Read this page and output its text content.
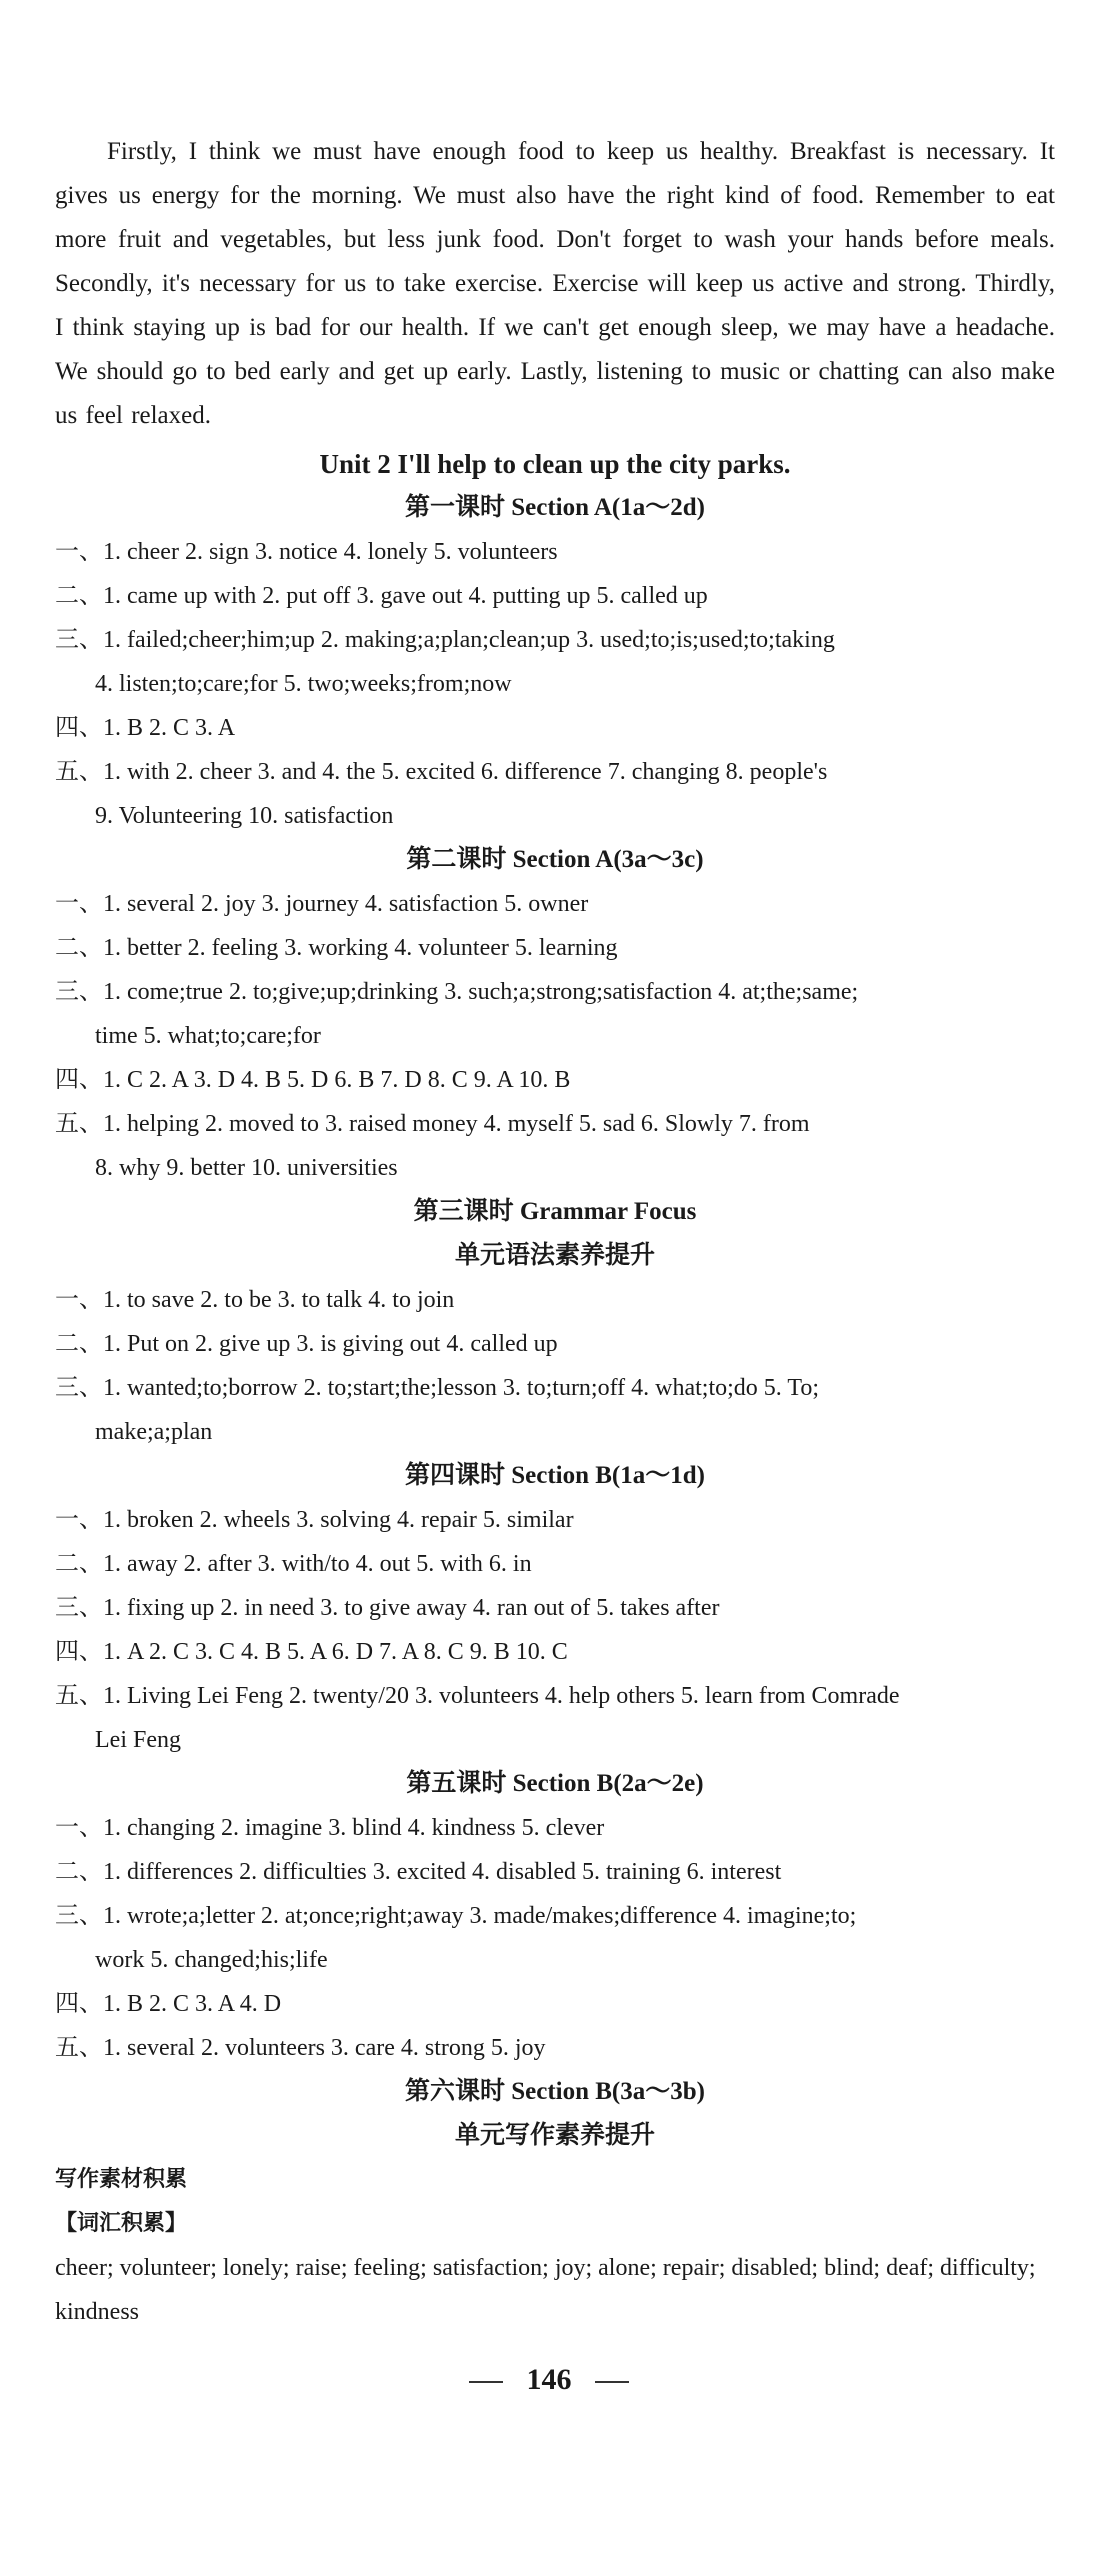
Firstly, I think we must have enough food to keep us healthy. Breakfast is necessary. It gives us energy for the morning. We must also have the right kind of food. Remember to eat more fruit and vegetables, but less junk food. Don't forget to wash your hands before meals. Secondly, it's necessary for us to take exercise. Exercise will keep us active and strong. Thirdly, I think staying up is bad for our health. If we can't get enough sleep, we may have a headache. We should go to bed early and get up early. Lastly, listening to music or chatting can also make us feel relaxed.

Unit 2 I'll help to clean up the city parks.

第一课时 Section A(1a～2d)

一、1. cheer 2. sign 3. notice 4. lonely 5. volunteers

二、1. came up with 2. put off 3. gave out 4. putting up 5. called up

三、1. failed;cheer;him;up 2. making;a;plan;clean;up 3. used;to;is;used;to;taking

4. listen;to;care;for 5. two;weeks;from;now

四、1. B 2. C 3. A

五、1. with 2. cheer 3. and 4. the 5. excited 6. difference 7. changing 8. people's

9. Volunteering 10. satisfaction

第二课时 Section A(3a～3c)

一、1. several 2. joy 3. journey 4. satisfaction 5. owner

二、1. better 2. feeling 3. working 4. volunteer 5. learning

三、1. come;true 2. to;give;up;drinking 3. such;a;strong;satisfaction 4. at;the;same;

time 5. what;to;care;for

四、1. C 2. A 3. D 4. B 5. D 6. B 7. D 8. C 9. A 10. B

五、1. helping 2. moved to 3. raised money 4. myself 5. sad 6. Slowly 7. from

8. why 9. better 10. universities

第三课时 Grammar Focus

单元语法素养提升

一、1. to save 2. to be 3. to talk 4. to join

二、1. Put on 2. give up 3. is giving out 4. called up

三、1. wanted;to;borrow 2. to;start;the;lesson 3. to;turn;off 4. what;to;do 5. To;

make;a;plan

第四课时 Section B(1a～1d)

一、1. broken 2. wheels 3. solving 4. repair 5. similar

二、1. away 2. after 3. with/to 4. out 5. with 6. in

三、1. fixing up 2. in need 3. to give away 4. ran out of 5. takes after

四、1. A 2. C 3. C 4. B 5. A 6. D 7. A 8. C 9. B 10. C

五、1. Living Lei Feng 2. twenty/20 3. volunteers 4. help others 5. learn from Comrade

Lei Feng

第五课时 Section B(2a～2e)

一、1. changing 2. imagine 3. blind 4. kindness 5. clever

二、1. differences 2. difficulties 3. excited 4. disabled 5. training 6. interest

三、1. wrote;a;letter 2. at;once;right;away 3. made/makes;difference 4. imagine;to;

work 5. changed;his;life

四、1. B 2. C 3. A 4. D

五、1. several 2. volunteers 3. care 4. strong 5. joy

第六课时 Section B(3a～3b)

单元写作素养提升

写作素材积累

【词汇积累】

cheer; volunteer; lonely; raise; feeling; satisfaction; joy; alone; repair; disabled; blind; deaf; difficulty; kindness

146
